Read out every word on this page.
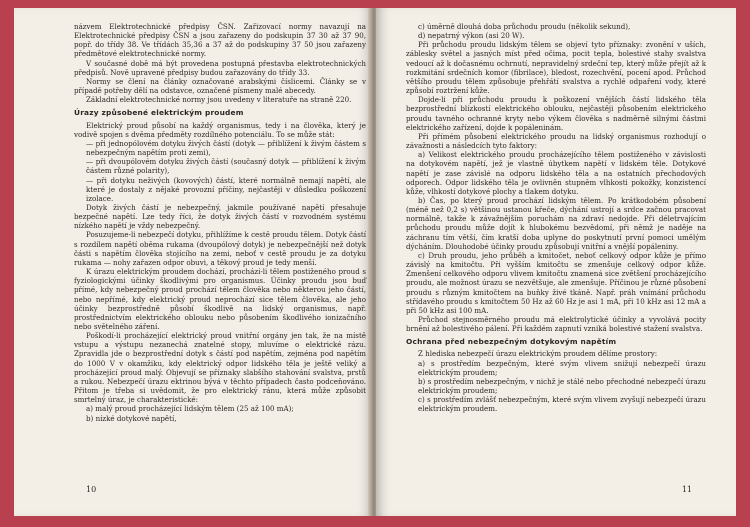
názvem Elektrotechnické předpisy ČSN. Zařizovací normy navazují na Elektrotechnické předpisy ČSN a jsou zařazeny do podskupin 37 30 až 37 90, popř. do třídy 38. Ve třídách 35,36 a 37 až do podskupiny 37 50 jsou zařazeny předmětové elektrotechnické normy.

V současné době má být provedena postupná přestavba elektrotechnických předpisů. Nově upravené předpisy budou zařazovány do třídy 33.

Normy se člení na články označované arabskými číslicemi. Články se v případě potřeby dělí na odstavce, označené písmeny malé abecedy.

Základní elektrotechnické normy jsou uvedeny v literatuře na straně 220.

Úrazy způsobené elektrickým proudem

Elektrický proud působí na každý organismus, tedy i na člověka, který je vodivě spojen s dvěma předměty rozdílného potenciálu. To se může stát:

— při jednopólovém dotyku živých částí (dotyk — přiblížení k živým částem s nebezpečným napětím proti zemi),

— při dvoupólovém dotyku živých částí (současný dotyk — přiblížení k živým částem různé polarity),

— při dotyku neživých (kovových) částí, které normálně nemají napětí, ale které je dostaly z nějaké provozní příčiny, nejčastěji v důsledku poškození izolace.

Dotyk živých částí je nebezpečný, jakmile používané napětí přesahuje bezpečné napětí. Lze tedy říci, že dotyk živých částí v rozvodném systému nízkého napětí je vždy nebezpečný.

Posuzujeme-li nebezpečí dotyku, přihlížíme k cestě proudu tělem. Dotyk částí s rozdílem napětí oběma rukama (dvoupólový dotyk) je nebezpečnější než dotyk části s napětím člověka stojícího na zemi, neboť v cestě proudu je za dotyku rukama — nohy zařazen odpor obuvi, a těkový proud je tedy menší.

K úrazu elektrickým proudem dochází, prochází-li tělem postiženého proud s fyziologickými účinky škodlivými pro organismus. Účinky proudu jsou buď přímé, kdy nebezpečný proud prochází tělem člověka nebo některou jeho částí, nebo nepřímé, kdy elektrický proud neprochází sice tělem člověka, ale jeho účinky bezprostředně působí škodlivě na lidský organismus, např. prostřednictvím elektrického oblouku nebo působením škodlivého ionizačního nebo světelného záření.

Poškodí-li procházející elektrický proud vnitřní orgány jen tak, že na místě vstupu a výstupu nezanechá znatelné stopy, mluvíme o elektrické rázu. Zpravidla jde o bezprostřední dotyk s částí pod napětím, zejména pod napětím do 1000 V v okamžiku, kdy elektrický odpor lidského těla je ještě veliký a procházející proud malý. Objevují se příznaky slabšího stahování svalstva, prstů a rukou. Nebezpečí úrazu ektrinou bývá v těchto případech často podceňováno. Přitom je třeba si uvědomit, že pro elektrický ránu, která může způsobit smrtelný úraz, je charakteristické:

a) malý proud procházející lidským tělem (25 až 100 mA);

b) nízké dotykové napětí,

10

c) úměrně dlouhá doba průchodu proudu (několik sekund),

d) nepatrný výkon (asi 20 W).

Při průchodu proudu lidským tělem se objeví tyto příznaky: zvonění v uších, záblesky světel a jasných míst před očima, pocit tepla, bolestivé stahy svalstva vedoucí až k dočasnému ochrnutí, nepravidelný srdeční tep, který může přejít až k rozkmitání srdečních komor (fibrilace), bledost, rozechvění, pocení apod. Průchod většího proudu tělem způsobuje přehřátí svalstva a rychlé odpaření vody, které způsobí roztržení kůže.

Dojde-li při průchodu proudu k poškození vnějších částí lidského těla bezprostřední blízkostí elektrického oblouku, nejčastěji působením elektrického proudu tavného ochranné kryty nebo výkem člověka s nadměrně silnými částmi elektrického zařízení, dojde k popáleninám.

Při přímém působení elektrického proudu na lidský organismus rozhodují o závažnosti a následcích tyto faktory:

a) Velikost elektrického proudu procházejícího tělem postiženého v závislosti na dotykovém napětí, jež je vlastně úbytkem napětí v lidském těle. Dotykové napětí je zase závislé na odporu lidského těla a na ostatních přechodových odporech. Odpor lidského těla je ovlivněn stupněm vlhkosti pokožky, konzistencí kůže, vlhkostí dotykové plochy a tlakem dotyku.

b) Čas, po který proud prochází lidským tělem. Po krátkodobém působení (méně než 0,2 s) většinou ustanou křeče, dýchání ustrojí a srdce začnou pracovat normálně, takže k závažnějším poruchám na zdraví nedojde. Při déletrvajícím průchodu proudu může dojít k hlubokému bezvědomí, při němž je naděje na záchranu tím větší, čím kratší doba uplyne do poskytnutí první pomoci umělým dýcháním. Dlouhodobé účinky proudu způsobují vnitřní a vnější popáleniny.

c) Druh proudu, jeho průběh a kmitočet, neboť celkový odpor kůže je přímo závislý na kmitočtu. Při vyšším kmitočtu se zmenšuje celkový odpor kůže. Zmenšení celkového odporu vlivem kmitočtu znamená sice zvětšení procházejícího proudu, ale možnost úrazu se nezvětšuje, ale zmenšuje. Příčinou je různé působení proudu s různým kmitočtem na buňky živé tkáně. Např. práh vnímání průchodu střídavého proudu s kmitočtem 50 Hz až 60 Hz je asi 1 mA, při 10 kHz asi 12 mA a při 50 kHz asi 100 mA.

Průchod stejnosměrného proudu má elektrolytické účinky a vyvolává pocity brnění až bolestivého pálení. Při každém zapnutí vzniká bolestivé stažení svalstva.

Ochrana před nebezpečným dotykovým napětím

Z hlediska nebezpečí úrazu elektrickým proudem dělíme prostory:

a) s prostředím bezpečným, které svým vlivem snižují nebezpečí úrazu elektrickým proudem;

b) s prostředím nebezpečným, v nichž je stálé nebo přechodné nebezpečí úrazu elektrickým proudem;

c) s prostředím zvlášť nebezpečným, které svým vlivem zvyšují nebezpečí úrazu elektrickým proudem.

11
